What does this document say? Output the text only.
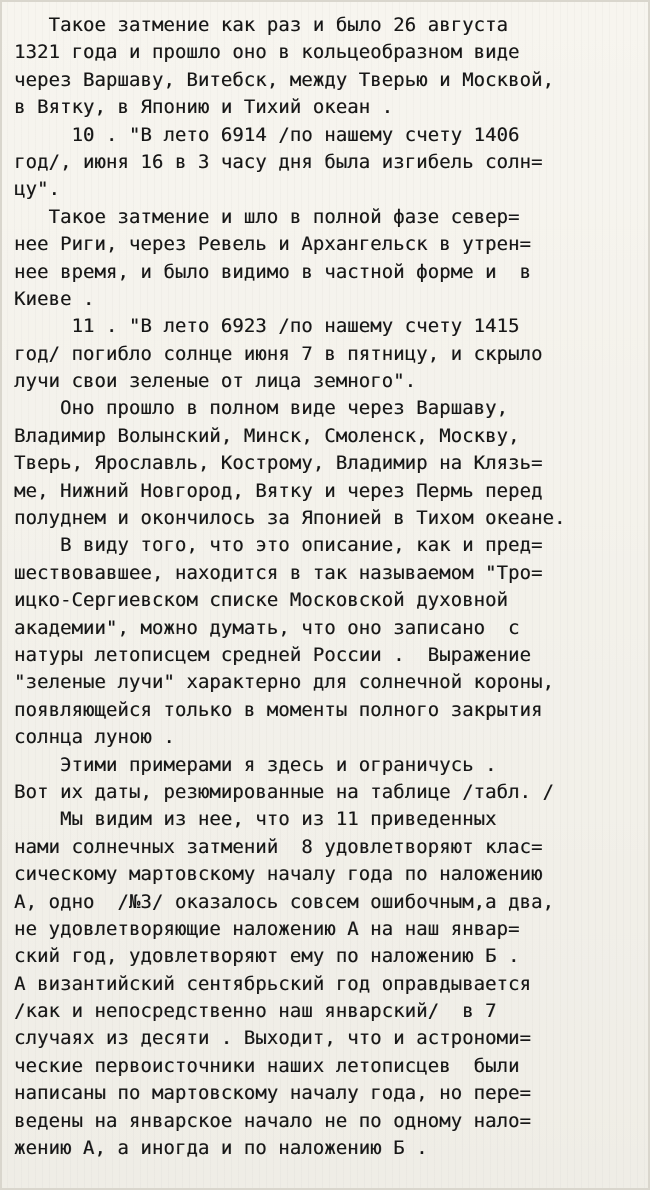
Такое затмение как раз и было 26 августа
1321 года и прошло оно в кольцеобразном виде
через Варшаву, Витебск, между Тверью и Москвой,
в Вятку, в Японию и Тихий океан .
10 . "В лето 6914 /по нашему счету 1406
год/, июня 16 в 3 часу дня была изгибель солн=
цу".
Такое затмение и шло в полной фазе север=
нее Риги, через Ревель и Архангельск в утрен=
нее время, и было видимо в частной форме и  в
Киеве .
11 . "В лето 6923 /по нашему счету 1415
год/ погибло солнце июня 7 в пятницу, и скрыло
лучи свои зеленые от лица земного".
Оно прошло в полном виде через Варшаву,
Владимир Волынский, Минск, Смоленск, Москву,
Тверь, Ярославль, Кострому, Владимир на Клязь=
ме, Нижний Новгород, Вятку и через Пермь перед
полуднем и окончилось за Японией в Тихом океане.
В виду того, что это описание, как и пред=
шествовавшее, находится в так называемом "Тро=
ицко-Сергиевском списке Московской духовной
академии", можно думать, что оно записано  с
натуры летописцем средней России .  Выражение
"зеленые лучи" характерно для солнечной короны,
появляющейся только в моменты полного закрытия
солнца луною .
Этими примерами я здесь и ограничусь .
Вот их даты, резюмированные на таблице /табл. /
Мы видим из нее, что из 11 приведенных
нами солнечных затмений  8 удовлетворяют клас=
сическому мартовскому началу года по наложению
А, одно  /№3/ оказалось совсем ошибочным,а два,
не удовлетворяющие наложению А на наш январ=
ский год, удовлетворяют ему по наложению Б .
А византийский сентябрьский год оправдывается
/как и непосредственно наш январский/  в 7
случаях из десяти . Выходит, что и астрономи=
ческие первоисточники наших летописцев  были
написаны по мартовскому началу года, но пере=
ведены на январское начало не по одному нало=
жению А, а иногда и по наложению Б .
